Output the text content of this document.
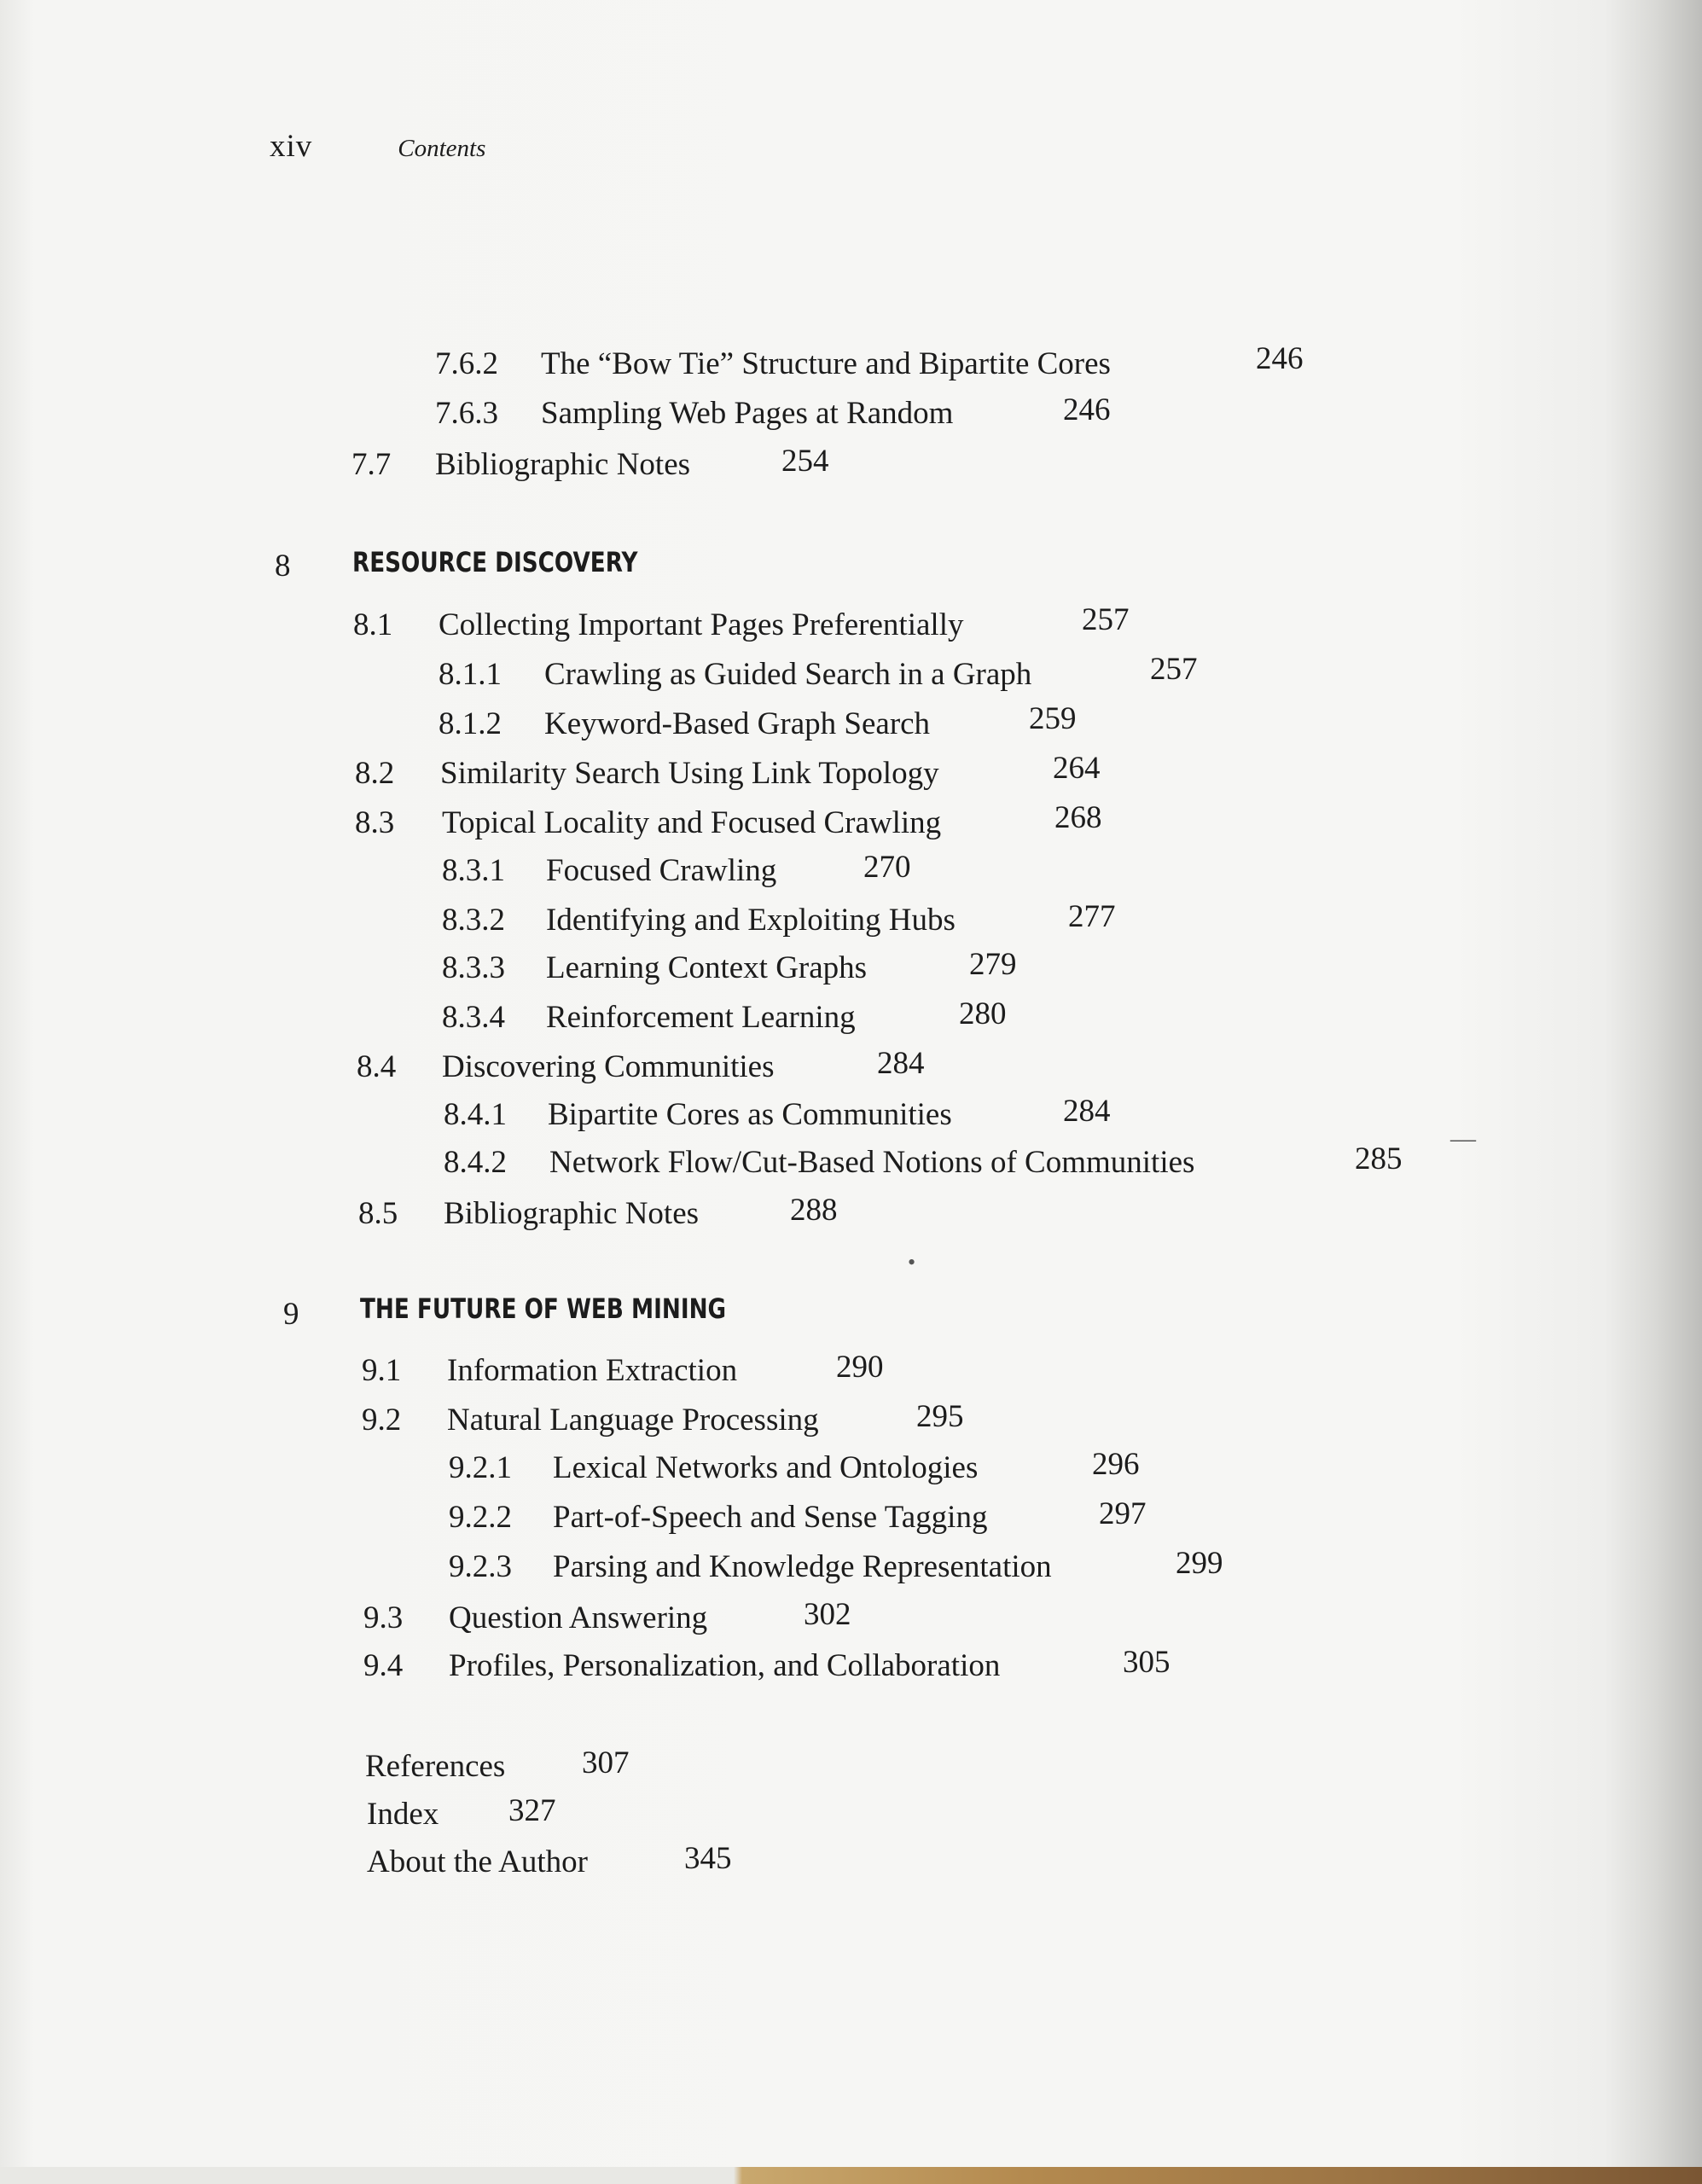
xiv	Contents
7.6.2 The “Bow Tie” Structure and Bipartite Cores	246
7.6.3 Sampling Web Pages at Random	246
7.7 Bibliographic Notes	254
8 RESOURCE DISCOVERY
8.1 Collecting Important Pages Preferentially	257
8.1.1 Crawling as Guided Search in a Graph	257
8.1.2 Keyword-Based Graph Search	259
8.2 Similarity Search Using Link Topology	264
8.3 Topical Locality and Focused Crawling	268
8.3.1 Focused Crawling	270
8.3.2 Identifying and Exploiting Hubs	277
8.3.3 Learning Context Graphs	279
8.3.4 Reinforcement Learning	280
8.4 Discovering Communities	284
8.4.1 Bipartite Cores as Communities	284
8.4.2 Network Flow/Cut-Based Notions of Communities	285
8.5 Bibliographic Notes	288
9 THE FUTURE OF WEB MINING
9.1 Information Extraction	290
9.2 Natural Language Processing	295
9.2.1 Lexical Networks and Ontologies	296
9.2.2 Part-of-Speech and Sense Tagging	297
9.2.3 Parsing and Knowledge Representation	299
9.3 Question Answering	302
9.4 Profiles, Personalization, and Collaboration	305
References 307
Index 327
About the Author	345
—
•
